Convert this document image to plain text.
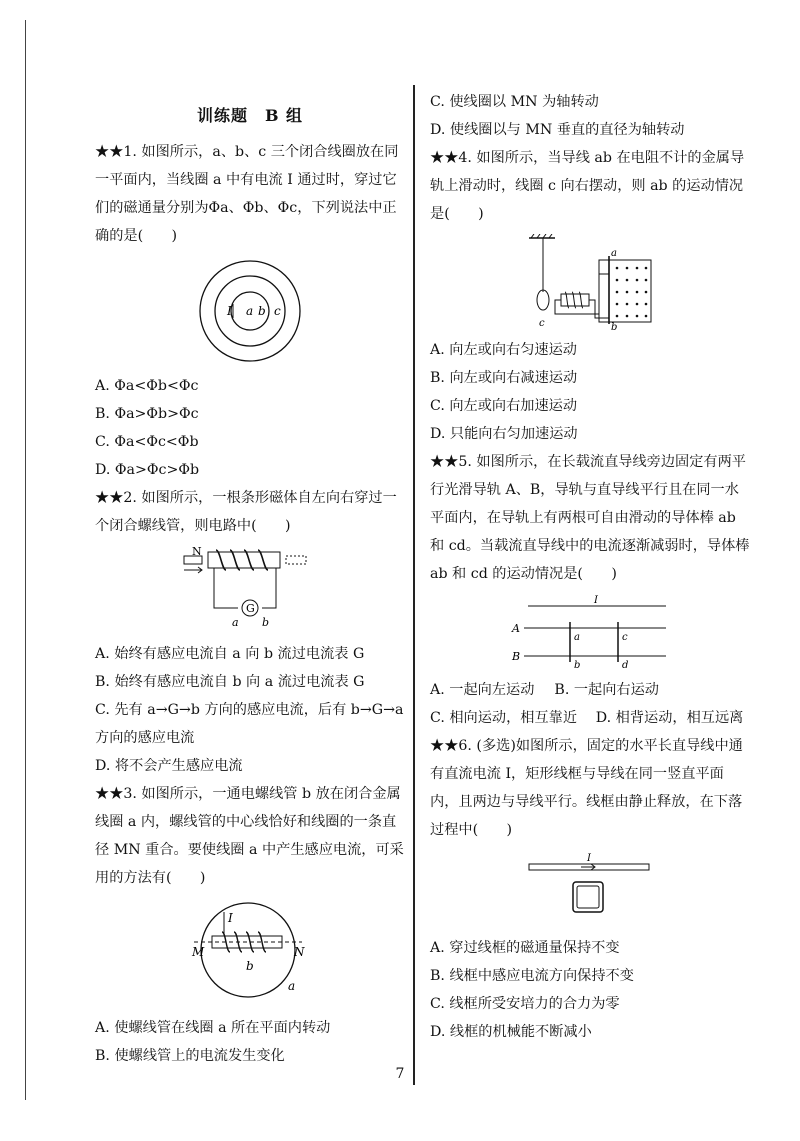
训练题　B 组

★★1. 如图所示，a、b、c 三个闭合线圈放在同一平面内，当线圈 a 中有电流 I 通过时，穿过它们的磁通量分别为Φa、Φb、Φc，下列说法中正确的是(　　)

I a b c

A. Φa<Φb<Φc

B. Φa>Φb>Φc

C. Φa<Φc<Φb

D. Φa>Φc>Φb

★★2. 如图所示，一根条形磁体自左向右穿过一个闭合螺线管，则电路中(　　)

N
G
a b

A. 始终有感应电流自 a 向 b 流过电流表 G

B. 始终有感应电流自 b 向 a 流过电流表 G

C. 先有 a→G→b 方向的感应电流，后有 b→G→a 方向的感应电流

D. 将不会产生感应电流

★★3. 如图所示，一通电螺线管 b 放在闭合金属线圈 a 内，螺线管的中心线恰好和线圈的一条直径 MN 重合。要使线圈 a 中产生感应电流，可采用的方法有(　　)

I
M	N
b
a

A. 使螺线管在线圈 a 所在平面内转动

B. 使螺线管上的电流发生变化

C. 使线圈以 MN 为轴转动

D. 使线圈以与 MN 垂直的直径为轴转动

★★4. 如图所示，当导线 ab 在电阻不计的金属导轨上滑动时，线圈 c 向右摆动，则 ab 的运动情况是(　　)

c
a
b

A. 向左或向右匀速运动

B. 向左或向右减速运动

C. 向左或向右加速运动

D. 只能向右匀加速运动

★★5. 如图所示，在长载流直导线旁边固定有两平行光滑导轨 A、B，导轨与直导线平行且在同一水平面内，在导轨上有两根可自由滑动的导体棒 ab 和 cd。当载流直导线中的电流逐渐减弱时，导体棒 ab 和 cd 的运动情况是(　　)

I
A
B
a
b
c
d
A. 一起向左运动 B. 一起向右运动

C. 相向运动，相互靠近　 D. 相背运动，相互远离

★★6. (多选)如图所示，固定的水平长直导线中通有直流电流 I，矩形线框与导线在同一竖直平面内，且两边与导线平行。线框由静止释放，在下落过程中(　　)

I

A. 穿过线框的磁通量保持不变

B. 线框中感应电流方向保持不变

C. 线框所受安培力的合力为零

D. 线框的机械能不断减小

7
